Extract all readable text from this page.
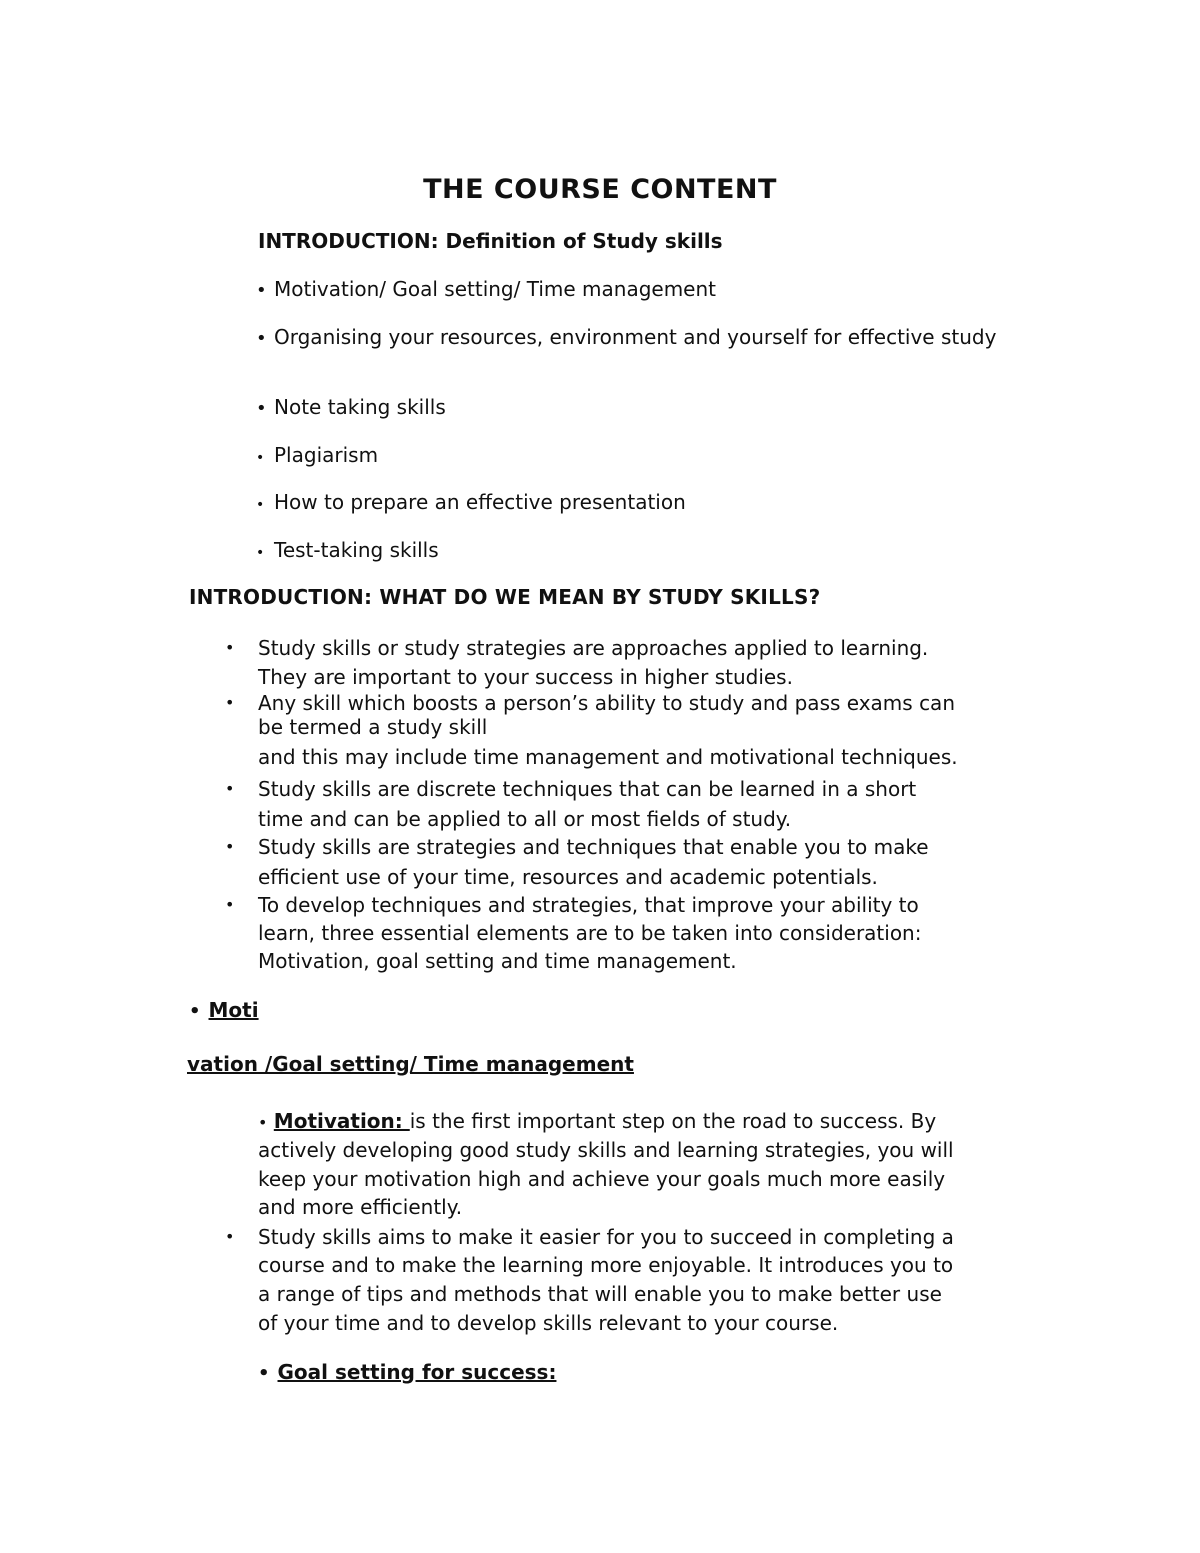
THE COURSE CONTENT
INTRODUCTION: Definition of Study skills
• Motivation/ Goal setting/ Time management
• Organising your resources, environment and yourself for effective study
• Note taking skills
• Plagiarism
• How to prepare an effective presentation
• Test-taking skills
INTRODUCTION: WHAT DO WE MEAN BY STUDY SKILLS?
• Study skills or study strategies are approaches applied to learning.
They are important to your success in higher studies.
• Any skill which boosts a person’s ability to study and pass exams can
be termed a study skill
and this may include time management and motivational techniques.
• Study skills are discrete techniques that can be learned in a short
time and can be applied to all or most fields of study.
• Study skills are strategies and techniques that enable you to make
efficient use of your time, resources and academic potentials.
• To develop techniques and strategies, that improve your ability to
learn, three essential elements are to be taken into consideration:
Motivation, goal setting and time management.
• Moti
vation /Goal setting/ Time management
• Motivation: is the first important step on the road to success. By
actively developing good study skills and learning strategies, you will
keep your motivation high and achieve your goals much more easily
and more efficiently.
• Study skills aims to make it easier for you to succeed in completing a
course and to make the learning more enjoyable. It introduces you to
a range of tips and methods that will enable you to make better use
of your time and to develop skills relevant to your course.
• Goal setting for success:
